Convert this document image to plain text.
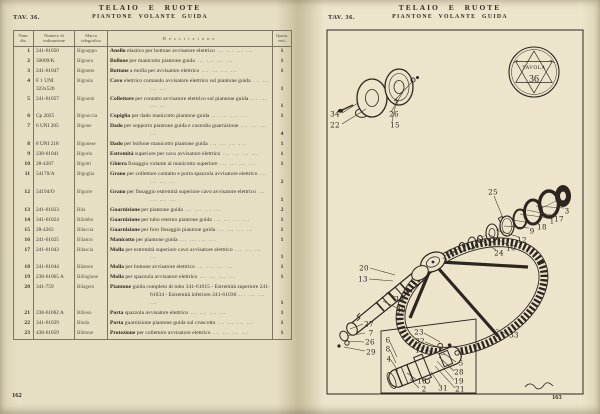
TELAIO E RUOTE
TAV. 36.	PIANTONE VOLANTE GUIDA
Num. dis.	Numero di ordinazione	Marca telegrafica	Descrizione	Quant. vett.
1	241-61050	Bignoppo	Anello elastico per bottone avvisatore elettrico ... .	1
2	50069/K	Bignora	Bollone per manicotto piantone guida ... .	1
3	241-61047	Bignotto	Bottone a molla per avvisatore elettrico ... .	1
4	F 1 UNI 323x520	Bignola	Cavo elettrico comando avvisatore elettrico sul piantone guida ... .	1
5	241-61057	Bignomi	Collettore per contatto avvisatore elettrico sul piantone guida ... .	1
6	Cp 2025	Bignoccia	Copiglia per dado manicotto piantone guida ... .	1
7	6 UNI 205	Bigone	Dado per sopporto piantone guida e custodia guarnizione ... .	4
8	8 UNI 218	Bigonese	Dado per bollone manicotto piantone guida ... .	1
9	238-61041	Bigorio	Estremità superiore per cavo avvisatore elettrico ... .	1
10	28-4207	Bigotti	Ghiera fissaggio volante al manicotto superiore ... .	1
11	54170/A	Biguglia	Grano per collettore contatto e porta spazzola avvisatore elettrico ... .	2
12	54194/O	Bigurre	Grano per fissaggio estremità superiore cavo avvisatore elettrico ... .	1
13	241-61023	Bila	Guarnizione per piantone guida ... .	2
14	341-61024	Bilobbo	Guarnizione per tubo esterno piantone guida ... .	1
15	28-4263	Bilaccia	Guarnizione per foro fissaggio piantone guida ... .	1
16	241-61025	Bilastro	Manicotto per piantone guida ... .	1
17	241-61043	Bilascia	Molla per estremità superiore cavo avvisatore elettrico ... .	1
18	241-61044	Bilatore	Molla per bottone avvisatore elettrico ... .	1
19	238-61065 A	Bilingione	Molla per spazzola avvisatore elettrico ... .	1
20	341-759	Bilagero	Piantone guida completo di tubo 341-61015 - Estremità superiore 241-61034 - Estremità inferiore 241-61036 ... .	1
21	238-61062 A	Bilioso	Porta spazzola avvisatore elettrico ... .	1
22	341-61029	Binda	Porta guarnizione piantone guida sul cruscotto ... .	1
23	438-61059	Bilmore	Protezione per collettore avvisatore elettrico ... .	1
162
TELAIO E RUOTE
TAV. 36.	PIANTONE VOLANTE GUIDA
TAVOLA
36
34
22
7
26
15
25
24
10
12
9 18
1 17
3
20
13
14
30
14
27
7
26
29
33
23
32
11
6
8
4
16
2
5
28
19
21
31
163
